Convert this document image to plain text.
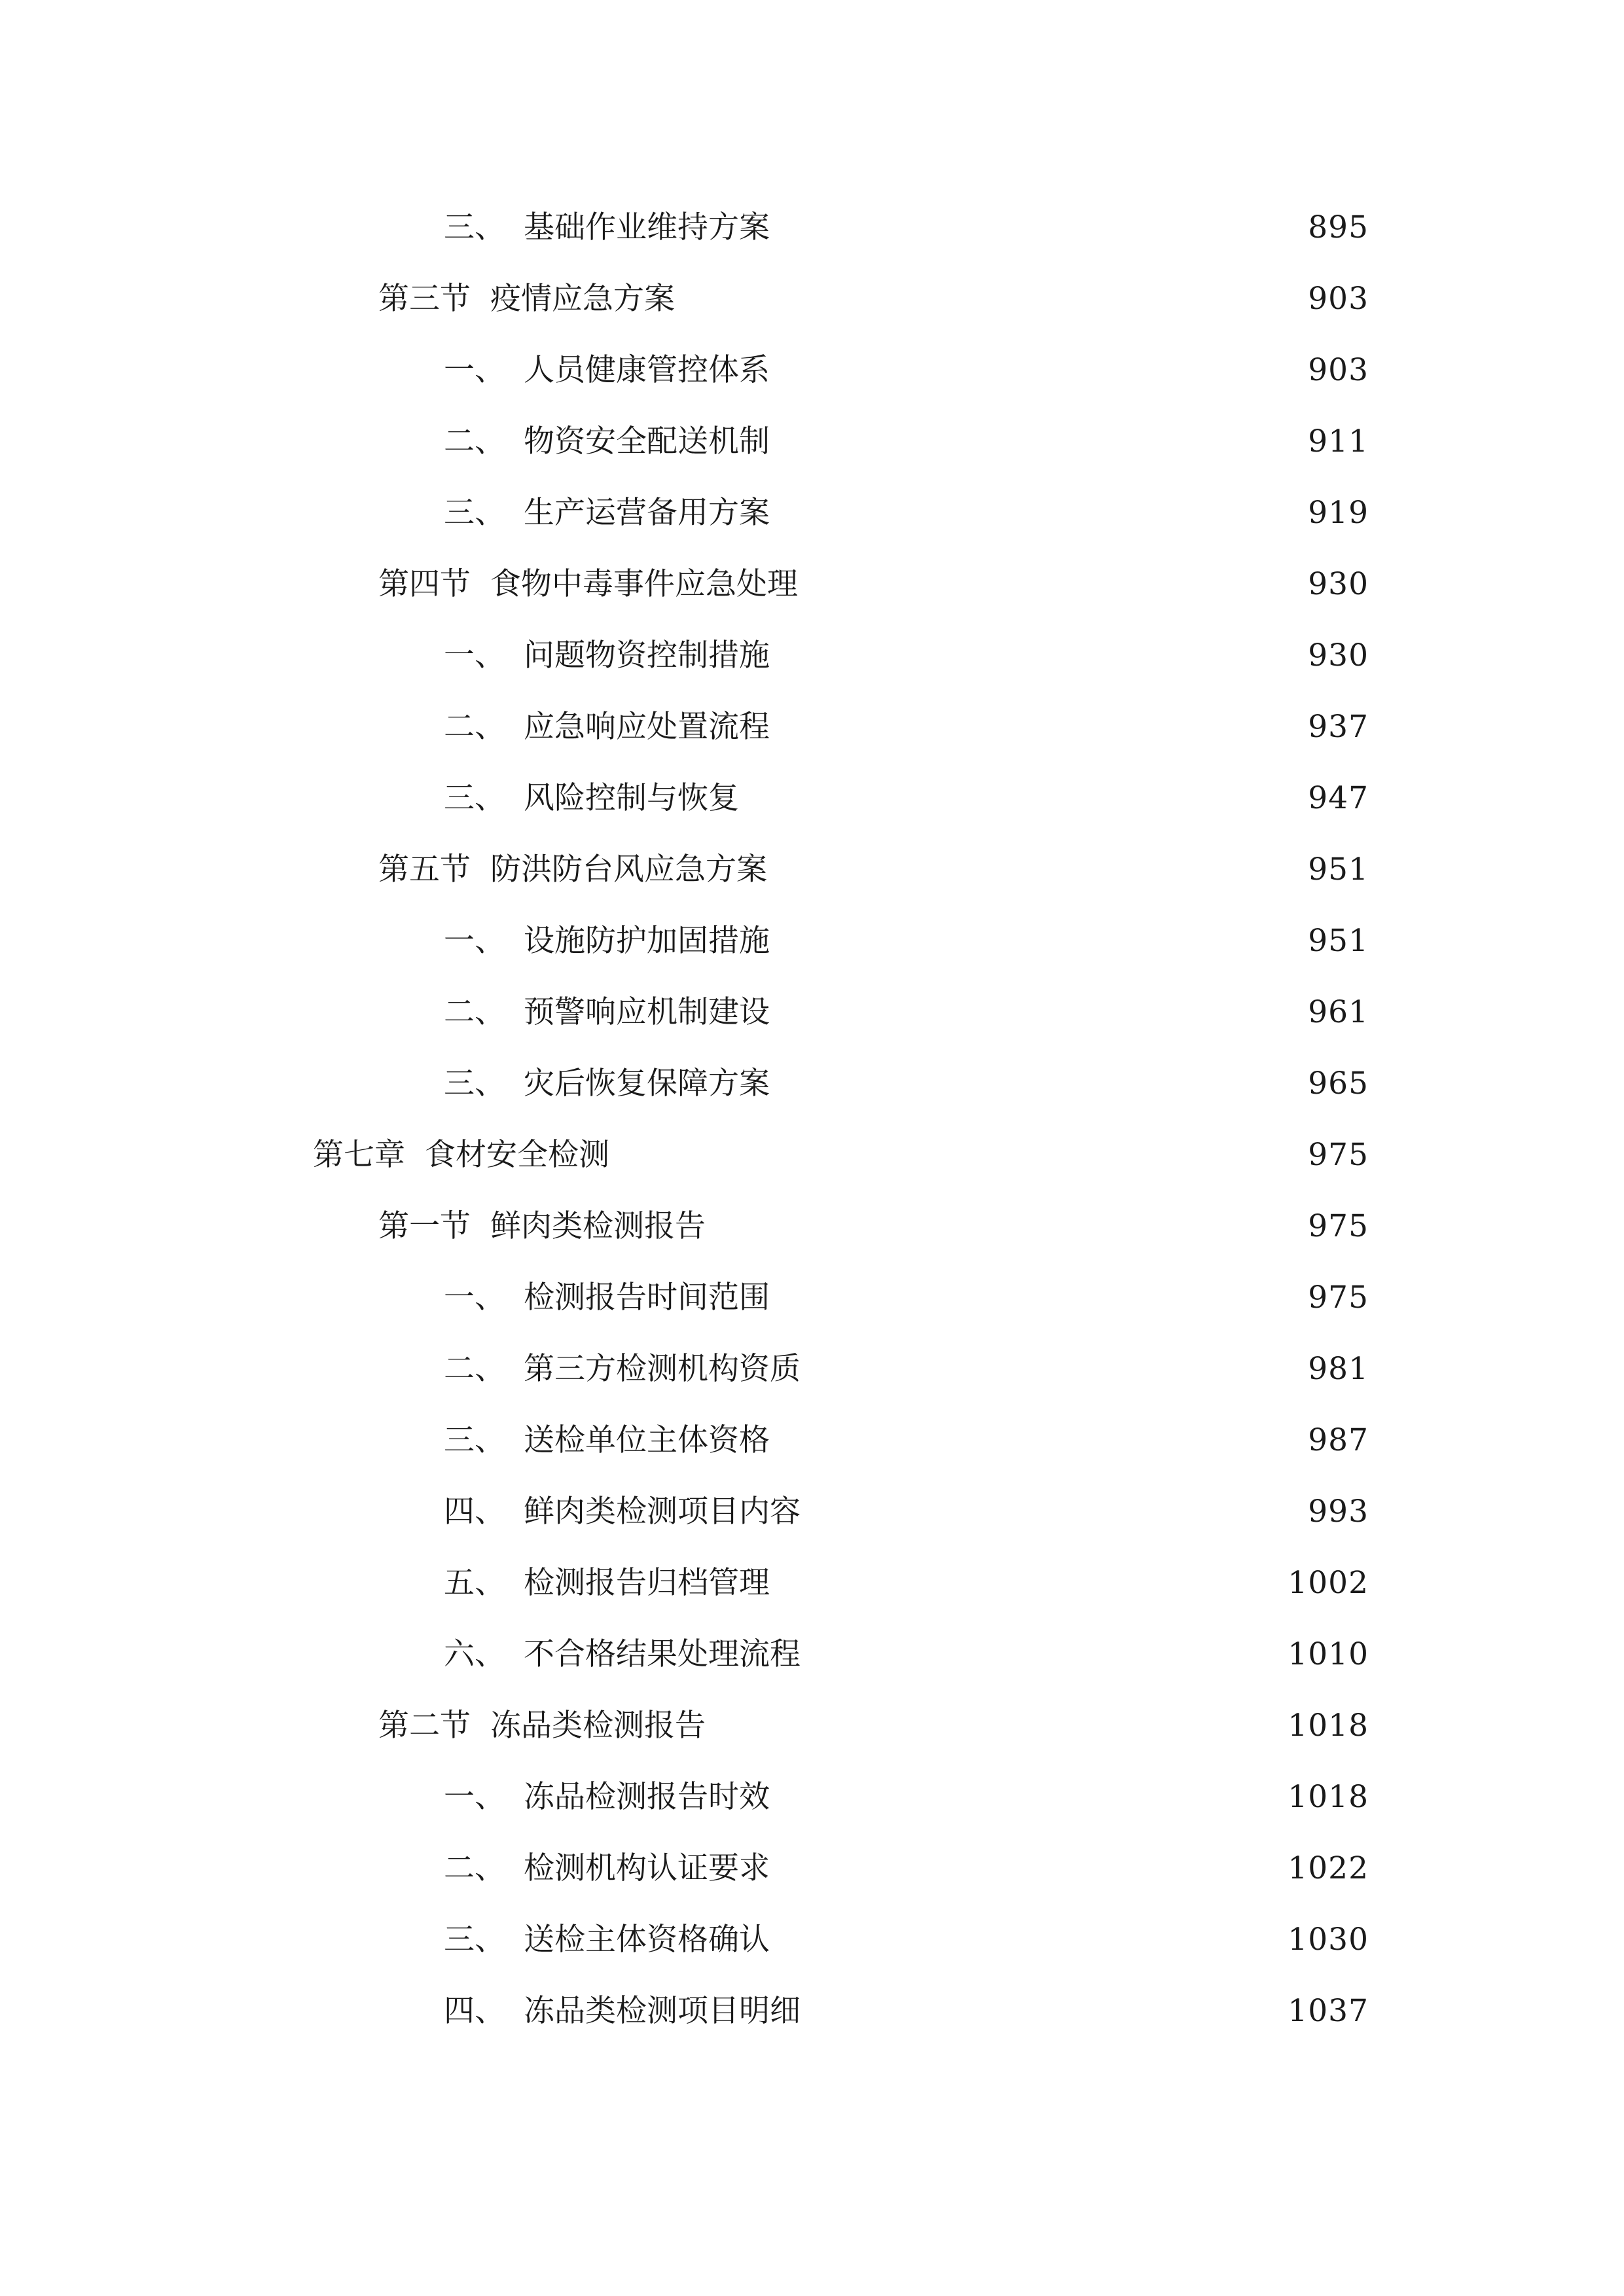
三、 基础作业维持方案	895
第三节 疫情应急方案	903
一、 人员健康管控体系	903
二、 物资安全配送机制	911
三、 生产运营备用方案	919
第四节 食物中毒事件应急处理	930
一、 问题物资控制措施	930
二、 应急响应处置流程	937
三、 风险控制与恢复	947
第五节 防洪防台风应急方案	951
一、 设施防护加固措施	951
二、 预警响应机制建设	961
三、 灾后恢复保障方案	965
第七章 食材安全检测	975
第一节 鲜肉类检测报告	975
一、 检测报告时间范围	975
二、 第三方检测机构资质	981
三、 送检单位主体资格	987
四、 鲜肉类检测项目内容	993
五、 检测报告归档管理	1002
六、 不合格结果处理流程	1010
第二节 冻品类检测报告	1018
一、 冻品检测报告时效	1018
二、 检测机构认证要求	1022
三、 送检主体资格确认	1030
四、 冻品类检测项目明细	1037
